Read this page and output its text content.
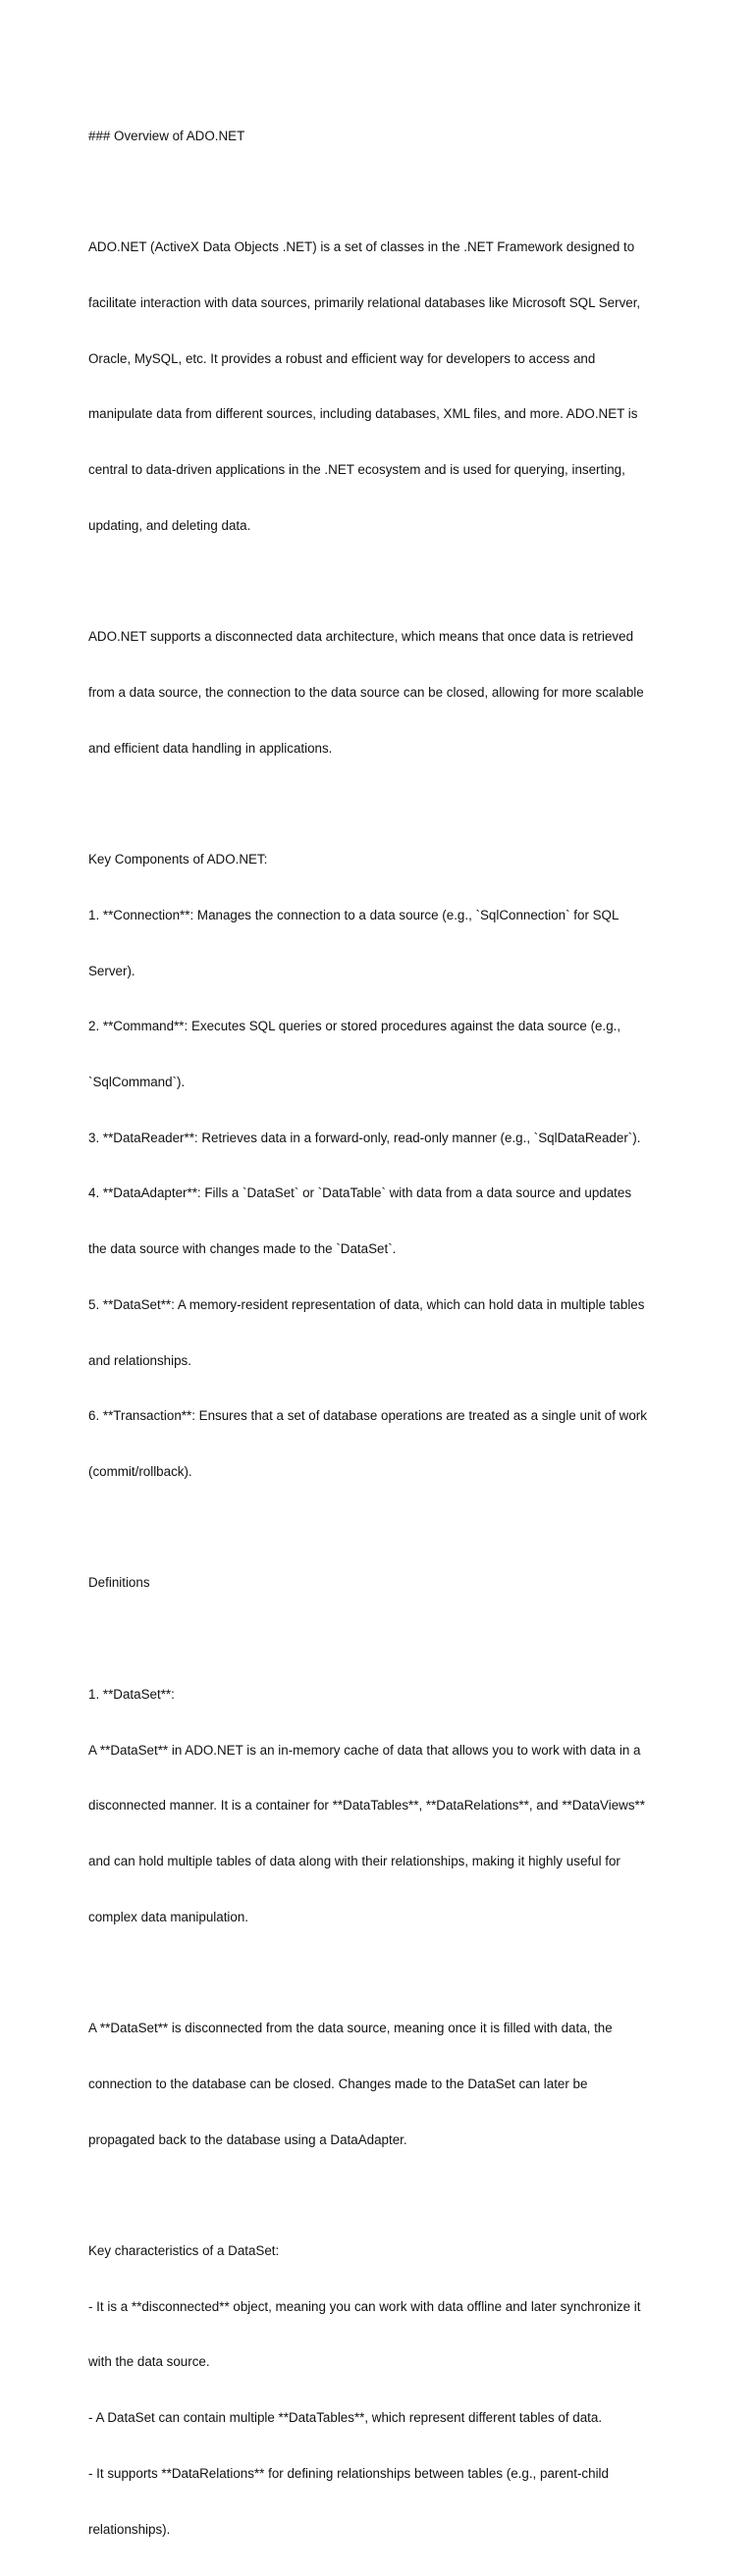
### Overview of ADO.NET

ADO.NET (ActiveX Data Objects .NET) is a set of classes in the .NET Framework designed to

facilitate interaction with data sources, primarily relational databases like Microsoft SQL Server,

Oracle, MySQL, etc. It provides a robust and efficient way for developers to access and

manipulate data from different sources, including databases, XML files, and more. ADO.NET is

central to data-driven applications in the .NET ecosystem and is used for querying, inserting,

updating, and deleting data.

ADO.NET supports a disconnected data architecture, which means that once data is retrieved

from a data source, the connection to the data source can be closed, allowing for more scalable

and efficient data handling in applications.

Key Components of ADO.NET:

1. **Connection**: Manages the connection to a data source (e.g., `SqlConnection` for SQL

Server).

2. **Command**: Executes SQL queries or stored procedures against the data source (e.g.,

`SqlCommand`).

3. **DataReader**: Retrieves data in a forward-only, read-only manner (e.g., `SqlDataReader`).

4. **DataAdapter**: Fills a `DataSet` or `DataTable` with data from a data source and updates

the data source with changes made to the `DataSet`.

5. **DataSet**: A memory-resident representation of data, which can hold data in multiple tables

and relationships.

6. **Transaction**: Ensures that a set of database operations are treated as a single unit of work

(commit/rollback).

Definitions

1. **DataSet**:

A **DataSet** in ADO.NET is an in-memory cache of data that allows you to work with data in a

disconnected manner. It is a container for **DataTables**, **DataRelations**, and **DataViews**

and can hold multiple tables of data along with their relationships, making it highly useful for

complex data manipulation.

A **DataSet** is disconnected from the data source, meaning once it is filled with data, the

connection to the database can be closed. Changes made to the DataSet can later be

propagated back to the database using a DataAdapter.

Key characteristics of a DataSet:

- It is a **disconnected** object, meaning you can work with data offline and later synchronize it

with the data source.

- A DataSet can contain multiple **DataTables**, which represent different tables of data.

- It supports **DataRelations** for defining relationships between tables (e.g., parent-child

relationships).
